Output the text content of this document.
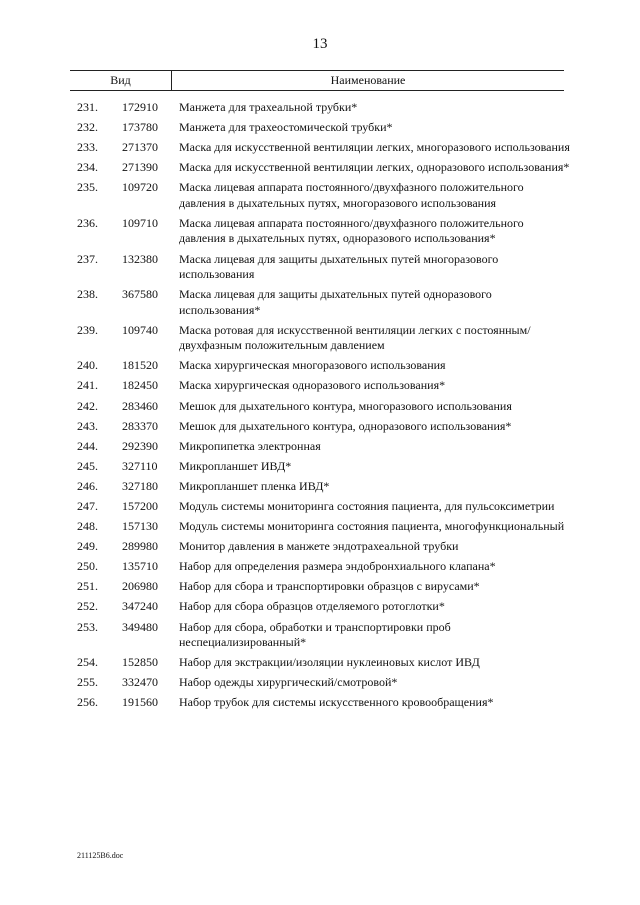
13
Вид	Наименование
231.	172910	Манжета для трахеальной трубки*
232.	173780	Манжета для трахеостомической трубки*
233.	271370	Маска для искусственной вентиляции легких, многоразового использования
234.	271390	Маска для искусственной вентиляции легких, одноразового использования*
235.	109720	Маска лицевая аппарата постоянного/двухфазного положительного давления в дыхательных путях, многоразового использования
236.	109710	Маска лицевая аппарата постоянного/двухфазного положительного давления в дыхательных путях, одноразового использования*
237.	132380	Маска лицевая для защиты дыхательных путей многоразового использования
238.	367580	Маска лицевая для защиты дыхательных путей одноразового использования*
239.	109740	Маска ротовая для искусственной вентиляции легких с постоянным/двухфазным положительным давлением
240.	181520	Маска хирургическая многоразового использования
241.	182450	Маска хирургическая одноразового использования*
242.	283460	Мешок для дыхательного контура, многоразового использования
243.	283370	Мешок для дыхательного контура, одноразового использования*
244.	292390	Микропипетка электронная
245.	327110	Микропланшет ИВД*
246.	327180	Микропланшет пленка ИВД*
247.	157200	Модуль системы мониторинга состояния пациента, для пульсоксиметрии
248.	157130	Модуль системы мониторинга состояния пациента, многофункциональный
249.	289980	Монитор давления в манжете эндотрахеальной трубки
250.	135710	Набор для определения размера эндобронхиального клапана*
251.	206980	Набор для сбора и транспортировки образцов с вирусами*
252.	347240	Набор для сбора образцов отделяемого ротоглотки*
253.	349480	Набор для сбора, обработки и транспортировки проб неспециализированный*
254.	152850	Набор для экстракции/изоляции нуклеиновых кислот ИВД
255.	332470	Набор одежды хирургический/смотровой*
256.	191560	Набор трубок для системы искусственного кровообращения*
211125В6.doc
